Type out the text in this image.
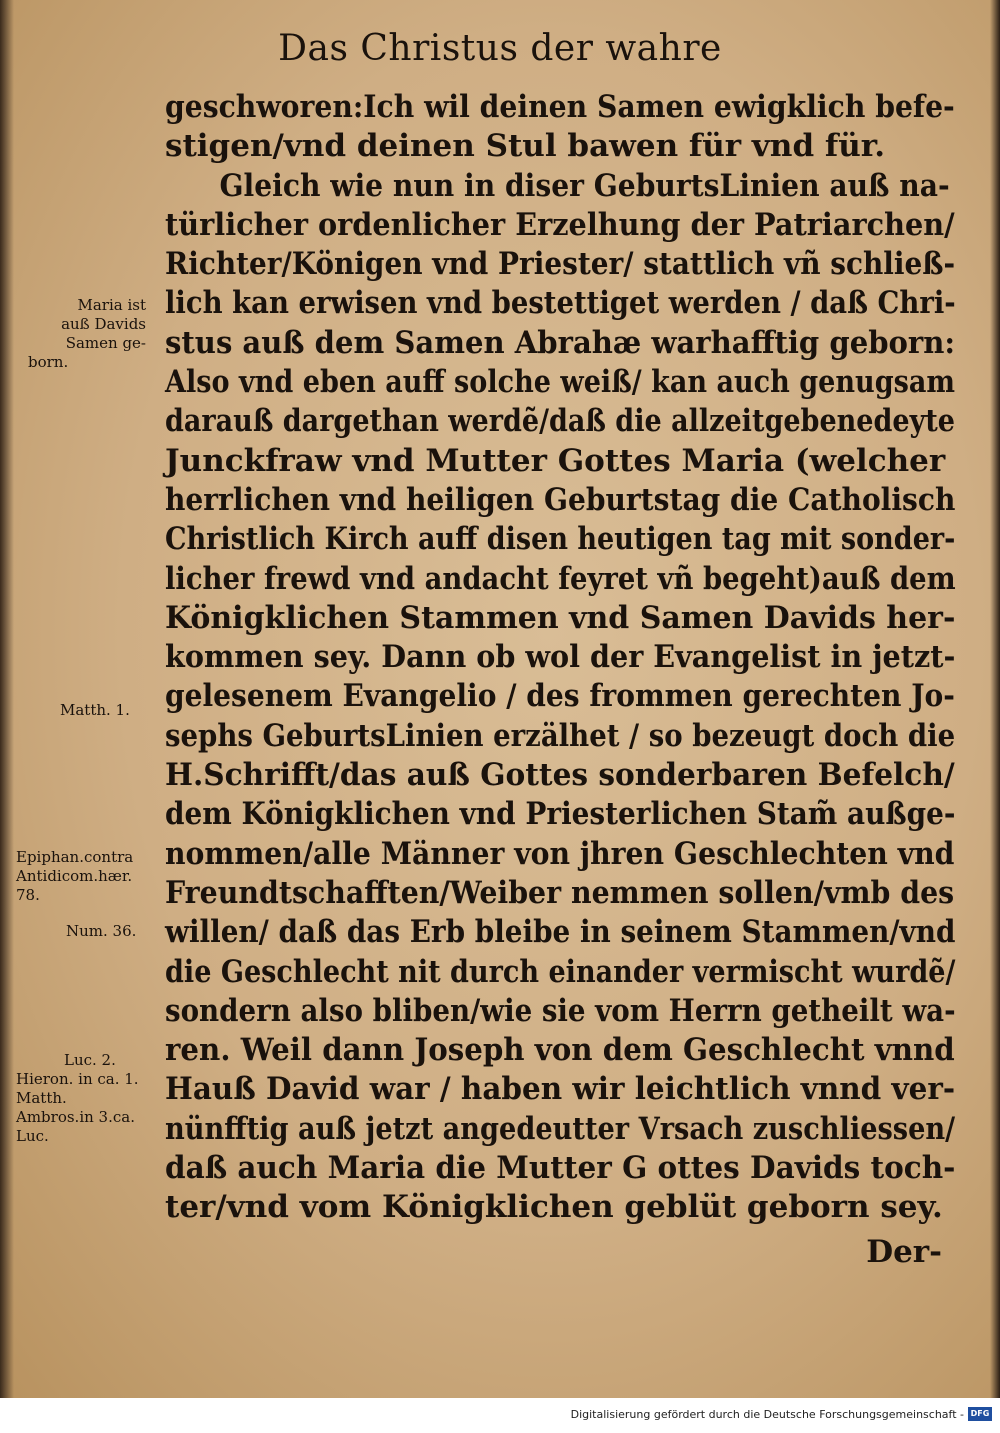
Das Christus der wahre
geschworen:Ich wil deinen Samen ewigklich befe-
stigen/vnd deinen Stul bawen für vnd für.
Gleich wie nun in diser GeburtsLinien auß na-
türlicher ordenlicher Erzelhung der Patriarchen/
Richter/Königen vnd Priester/ stattlich vñ schließ-
lich kan erwisen vnd bestettiget werden / daß Chri-
stus auß dem Samen Abrahæ warhafftig geborn:
Also vnd eben auff solche weiß/ kan auch genugsam
darauß dargethan werdẽ/daß die allzeitgebenedeyte
Junckfraw vnd Mutter Gottes Maria (welcher
herrlichen vnd heiligen Geburtstag die Catholisch
Christlich Kirch auff disen heutigen tag mit sonder-
licher frewd vnd andacht feyret vñ begeht)auß dem
Königklichen Stammen vnd Samen Davids her-
kommen sey. Dann ob wol der Evangelist in jetzt-
gelesenem Evangelio / des frommen gerechten Jo-
sephs GeburtsLinien erzälhet / so bezeugt doch die
H.Schrifft/das auß Gottes sonderbaren Befelch/
dem Königklichen vnd Priesterlichen Stam̃ außge-
nommen/alle Männer von jhren Geschlechten vnd
Freundtschafften/Weiber nemmen sollen/vmb des
willen/ daß das Erb bleibe in seinem Stammen/vnd
die Geschlecht nit durch einander vermischt wurdẽ/
sondern also bliben/wie sie vom Herrn getheilt wa-
ren. Weil dann Joseph von dem Geschlecht vnnd
Hauß David war / haben wir leichtlich vnnd ver-
nünfftig auß jetzt angedeutter Vrsach zuschliessen/
daß auch Maria die Mutter G ottes Davids toch-
ter/vnd vom Königklichen geblüt geborn sey.
Maria ist
auß Davids
Samen ge-
born.
Matth. 1.
Epiphan.contra
Antidicom.hær.
78.
Num. 36.
Luc. 2.
Hieron. in ca. 1.
Matth.
Ambros.in 3.ca.
Luc.
Der-
Digitalisierung gefördert durch die Deutsche Forschungsgemeinschaft - DFG
